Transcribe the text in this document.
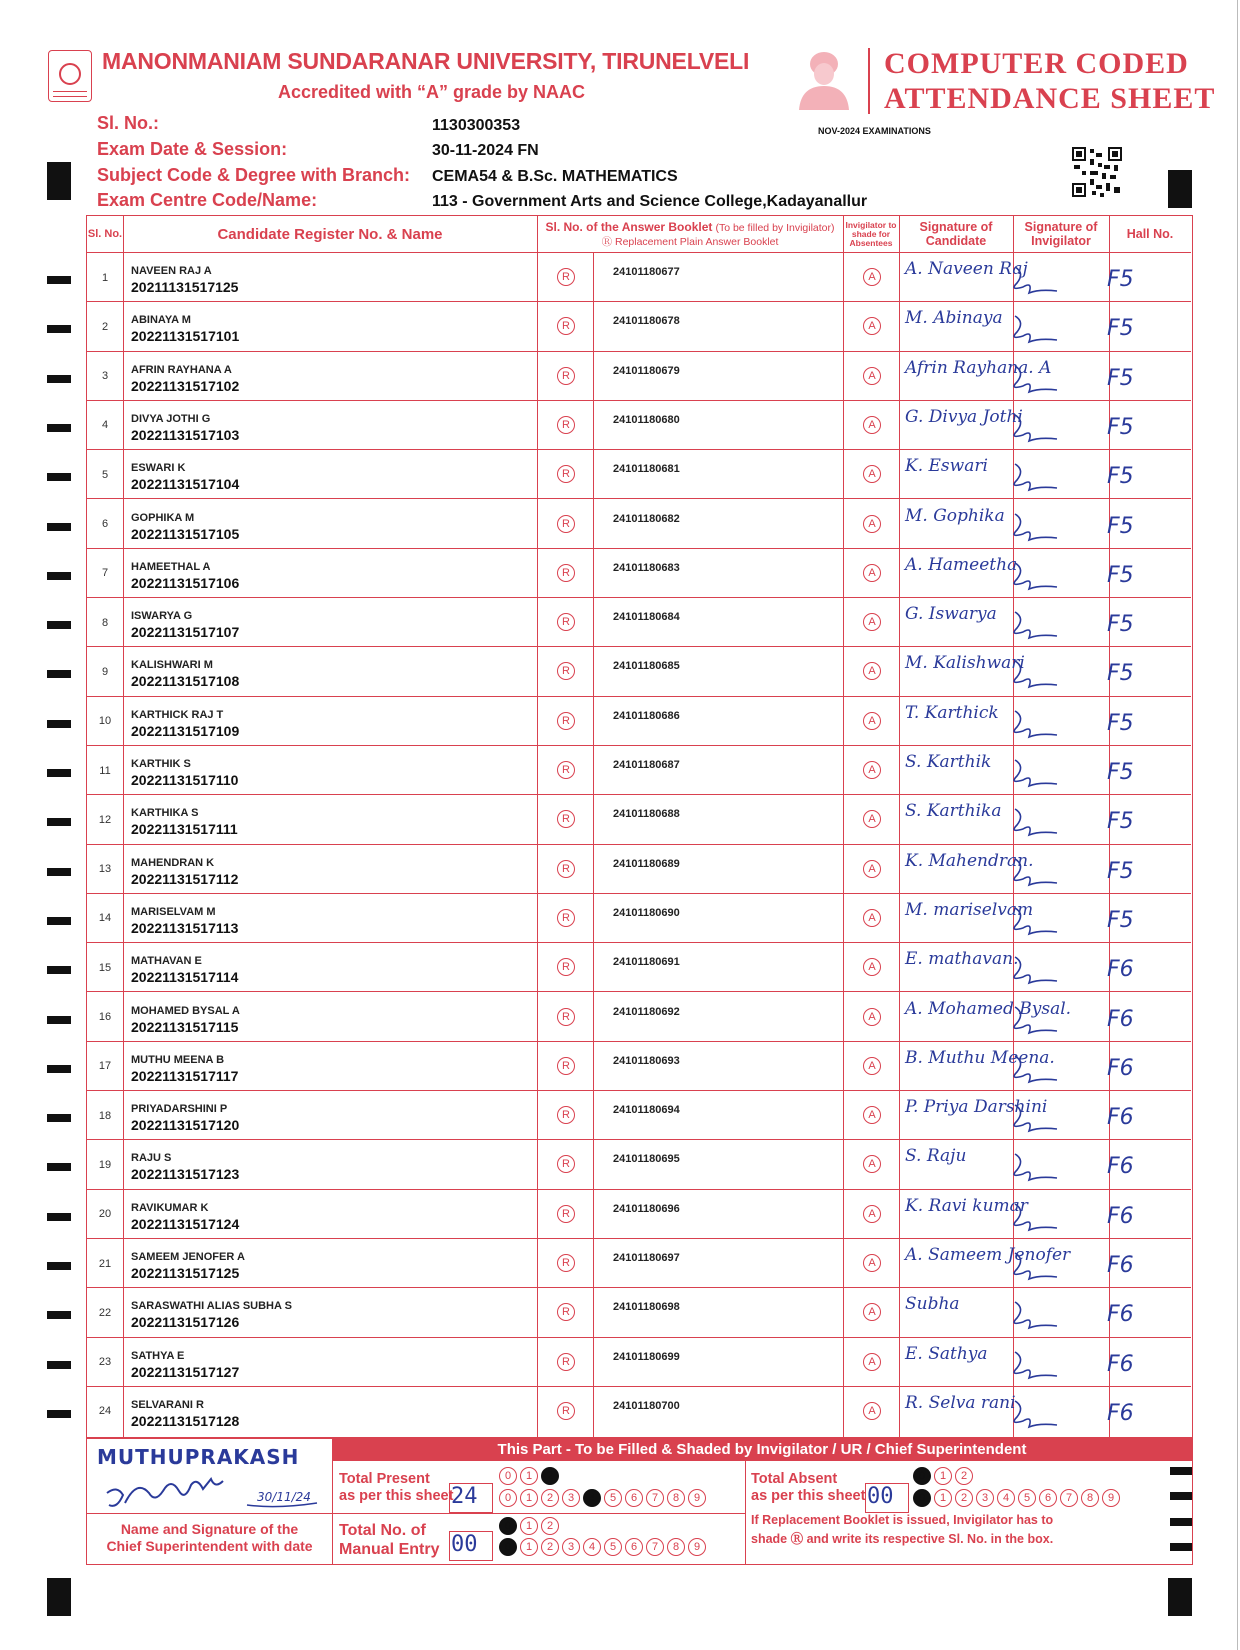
MANONMANIAM SUNDARANAR UNIVERSITY, TIRUNELVELI
Accredited with “A” grade by NAAC
COMPUTER CODED
ATTENDANCE SHEET
NOV-2024 EXAMINATIONS
Sl. No.:	1130300353
Exam Date & Session:	30-11-2024 FN
Subject Code & Degree with Branch: CEMA54 & B.Sc. MATHEMATICS
Exam Centre Code/Name:	113 - Government Arts and Science College,Kadayanallur
Sl. No.	Candidate Register No. & Name	Sl. No. of the Answer Booklet (To be filled by Invigilator)
Ⓡ Replacement Plain Answer Booklet
Invigilator to shade for Absentees
Signature of Candidate
Signature of Invigilator	Hall No.
1
NAVEEN RAJ A
20211131517125
R	24101180677	A	A. Naveen Raj	F5
2
ABINAYA M
20221131517101
R	24101180678	A	M. Abinaya	F5
3
AFRIN RAYHANA A
20221131517102
R	24101180679	A	Afrin Rayhana. A	F5
4
DIVYA JOTHI G
20221131517103
R	24101180680	A	G. Divya Jothi	F5
5
ESWARI K
20221131517104
R	24101180681	A	K. Eswari	F5
6
GOPHIKA M
20221131517105
R	24101180682	A	M. Gophika	F5
7
HAMEETHAL A
20221131517106
R	24101180683	A	A. Hameetha	F5
8
ISWARYA G
20221131517107
R	24101180684	A	G. Iswarya	F5
9
KALISHWARI M
20221131517108
R	24101180685	A	M. Kalishwari	F5
10
KARTHICK RAJ T
20221131517109
R	24101180686	A	T. Karthick	F5
11
KARTHIK S
20221131517110
R	24101180687	A	S. Karthik	F5
12
KARTHIKA S
20221131517111
R	24101180688	A	S. Karthika	F5
13
MAHENDRAN K
20221131517112
R	24101180689	A	K. Mahendran.	F5
14
MARISELVAM M
20221131517113
R	24101180690	A	M. mariselvam	F5
15
MATHAVAN E
20221131517114
R	24101180691	A	E. mathavan.	F6
16
MOHAMED BYSAL A
20221131517115
R	24101180692	A	A. Mohamed Bysal. F6
17
MUTHU MEENA B
20221131517117
R	24101180693	A	B. Muthu Meena. F6
18
PRIYADARSHINI P
20221131517120
R	24101180694	A	P. Priya Darshini	F6
19
RAJU S
20221131517123
R	24101180695	A	S. Raju	F6
20
RAVIKUMAR K
20221131517124
R	24101180696	A	K. Ravi kumar	F6
21
SAMEEM JENOFER A
20221131517125
R	24101180697	A	A. Sameem Jenofer F6
22
SARASWATHI ALIAS SUBHA S
20221131517126
R	24101180698	A	Subha	F6
23
SATHYA E
20221131517127
R	24101180699	A	E. Sathya	F6
24
SELVARANI R
20221131517128
R	24101180700	A	R. Selva rani	F6
This Part - To be Filled & Shaded by Invigilator / UR / Chief Superintendent
MUTHUPRAKASH
30/11/24
Name and Signature of the
Chief Superintendent with date
Total Present
as per this sheet
24
0	1	2
0	1	2	3	4	5	6	7	8	9
Total Absent
as per this sheet 00
0	1	2
0	1	2	3	4	5	6	7	8	9
Total No. of
Manual Entry 00
0	1	2
0	1	2	3	4	5	6	7	8	9
If Replacement Booklet is issued, Invigilator has to
shade Ⓡ and write its respective Sl. No. in the box.
